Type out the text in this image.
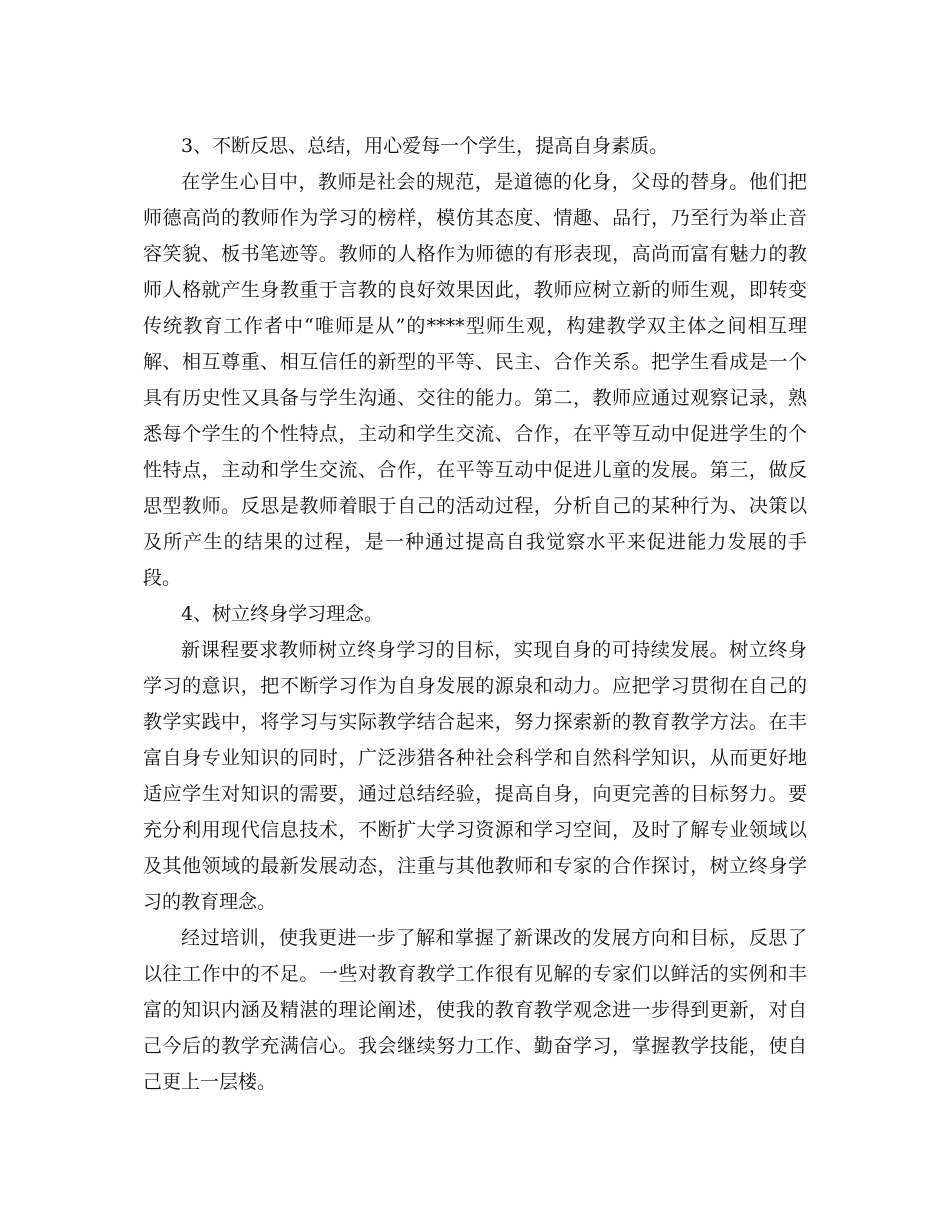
3、不断反思、总结，用心爱每一个学生，提高自身素质。

在学生心目中，教师是社会的规范，是道德的化身，父母的替身。他们把师德高尚的教师作为学习的榜样，模仿其态度、情趣、品行，乃至行为举止音容笑貌、板书笔迹等。教师的人格作为师德的有形表现，高尚而富有魅力的教师人格就产生身教重于言教的良好效果因此，教师应树立新的师生观，即转变传统教育工作者中“唯师是从”的****型师生观，构建教学双主体之间相互理解、相互尊重、相互信任的新型的平等、民主、合作关系。把学生看成是一个具有历史性又具备与学生沟通、交往的能力。第二，教师应通过观察记录，熟悉每个学生的个性特点，主动和学生交流、合作，在平等互动中促进学生的个性特点，主动和学生交流、合作，在平等互动中促进儿童的发展。第三，做反思型教师。反思是教师着眼于自己的活动过程，分析自己的某种行为、决策以及所产生的结果的过程，是一种通过提高自我觉察水平来促进能力发展的手段。

4、树立终身学习理念。

新课程要求教师树立终身学习的目标，实现自身的可持续发展。树立终身学习的意识，把不断学习作为自身发展的源泉和动力。应把学习贯彻在自己的教学实践中，将学习与实际教学结合起来，努力探索新的教育教学方法。在丰富自身专业知识的同时，广泛涉猎各种社会科学和自然科学知识，从而更好地适应学生对知识的需要，通过总结经验，提高自身，向更完善的目标努力。要充分利用现代信息技术，不断扩大学习资源和学习空间，及时了解专业领域以及其他领域的最新发展动态，注重与其他教师和专家的合作探讨，树立终身学习的教育理念。

经过培训，使我更进一步了解和掌握了新课改的发展方向和目标，反思了以往工作中的不足。一些对教育教学工作很有见解的专家们以鲜活的实例和丰富的知识内涵及精湛的理论阐述，使我的教育教学观念进一步得到更新，对自己今后的教学充满信心。我会继续努力工作、勤奋学习，掌握教学技能，使自己更上一层楼。
